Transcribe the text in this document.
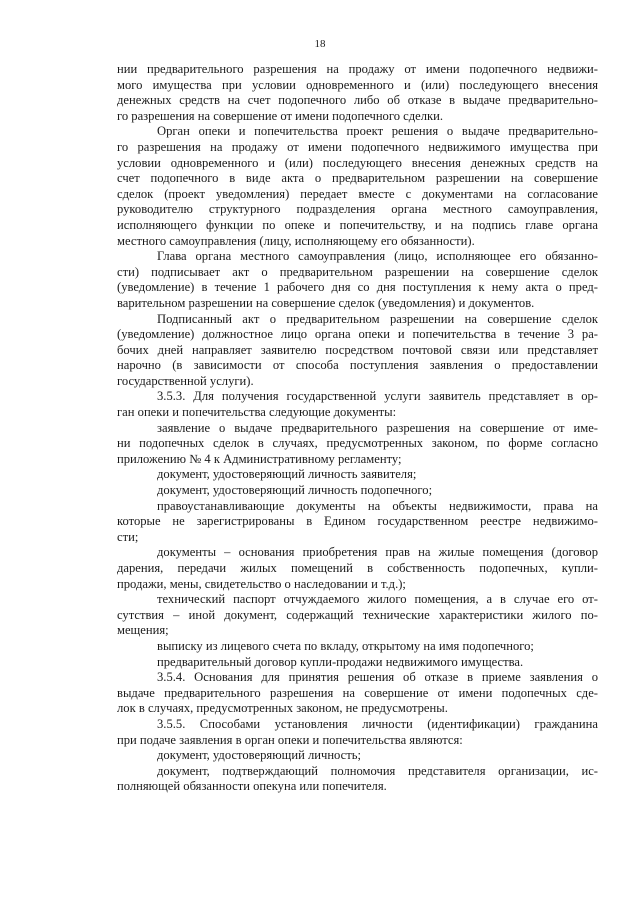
18
нии предварительного разрешения на продажу от имени подопечного недвижи-
мого имущества при условии одновременного и (или) последующего внесения
денежных средств на счет подопечного либо об отказе в выдаче предварительно-
го разрешения на совершение от имени подопечного сделки.
Орган опеки и попечительства проект решения о выдаче предварительно-
го разрешения на продажу от имени подопечного недвижимого имущества при
условии одновременного и (или) последующего внесения денежных средств на
счет подопечного в виде акта о предварительном разрешении на совершение
сделок (проект уведомления) передает вместе с документами на согласование
руководителю структурного подразделения органа местного самоуправления,
исполняющего функции по опеке и попечительству, и на подпись главе органа
местного самоуправления (лицу, исполняющему его обязанности).
Глава органа местного самоуправления (лицо, исполняющее его обязанно-
сти) подписывает акт о предварительном разрешении на совершение сделок
(уведомление) в течение 1 рабочего дня со дня поступления к нему акта о пред-
варительном разрешении на совершение сделок (уведомления) и документов.
Подписанный акт о предварительном разрешении на совершение сделок
(уведомление) должностное лицо органа опеки и попечительства в течение 3 ра-
бочих дней направляет заявителю посредством почтовой связи или представляет
нарочно (в зависимости от способа поступления заявления о предоставлении
государственной услуги).
3.5.3. Для получения государственной услуги заявитель представляет в ор-
ган опеки и попечительства следующие документы:
заявление о выдаче предварительного разрешения на совершение от име-
ни подопечных сделок в случаях, предусмотренных законом, по форме согласно
приложению № 4 к Административному регламенту;
документ, удостоверяющий личность заявителя;
документ, удостоверяющий личность подопечного;
правоустанавливающие документы на объекты недвижимости, права на
которые не зарегистрированы в Едином государственном реестре недвижимо-
сти;
документы – основания приобретения прав на жилые помещения (договор
дарения, передачи жилых помещений в собственность подопечных, купли-
продажи, мены, свидетельство о наследовании и т.д.);
технический паспорт отчуждаемого жилого помещения, а в случае его от-
сутствия – иной документ, содержащий технические характеристики жилого по-
мещения;
выписку из лицевого счета по вкладу, открытому на имя подопечного;
предварительный договор купли-продажи недвижимого имущества.
3.5.4. Основания для принятия решения об отказе в приеме заявления о
выдаче предварительного разрешения на совершение от имени подопечных сде-
лок в случаях, предусмотренных законом, не предусмотрены.
3.5.5. Способами установления личности (идентификации) гражданина
при подаче заявления в орган опеки и попечительства являются:
документ, удостоверяющий личность;
документ, подтверждающий полномочия представителя организации, ис-
полняющей обязанности опекуна или попечителя.
